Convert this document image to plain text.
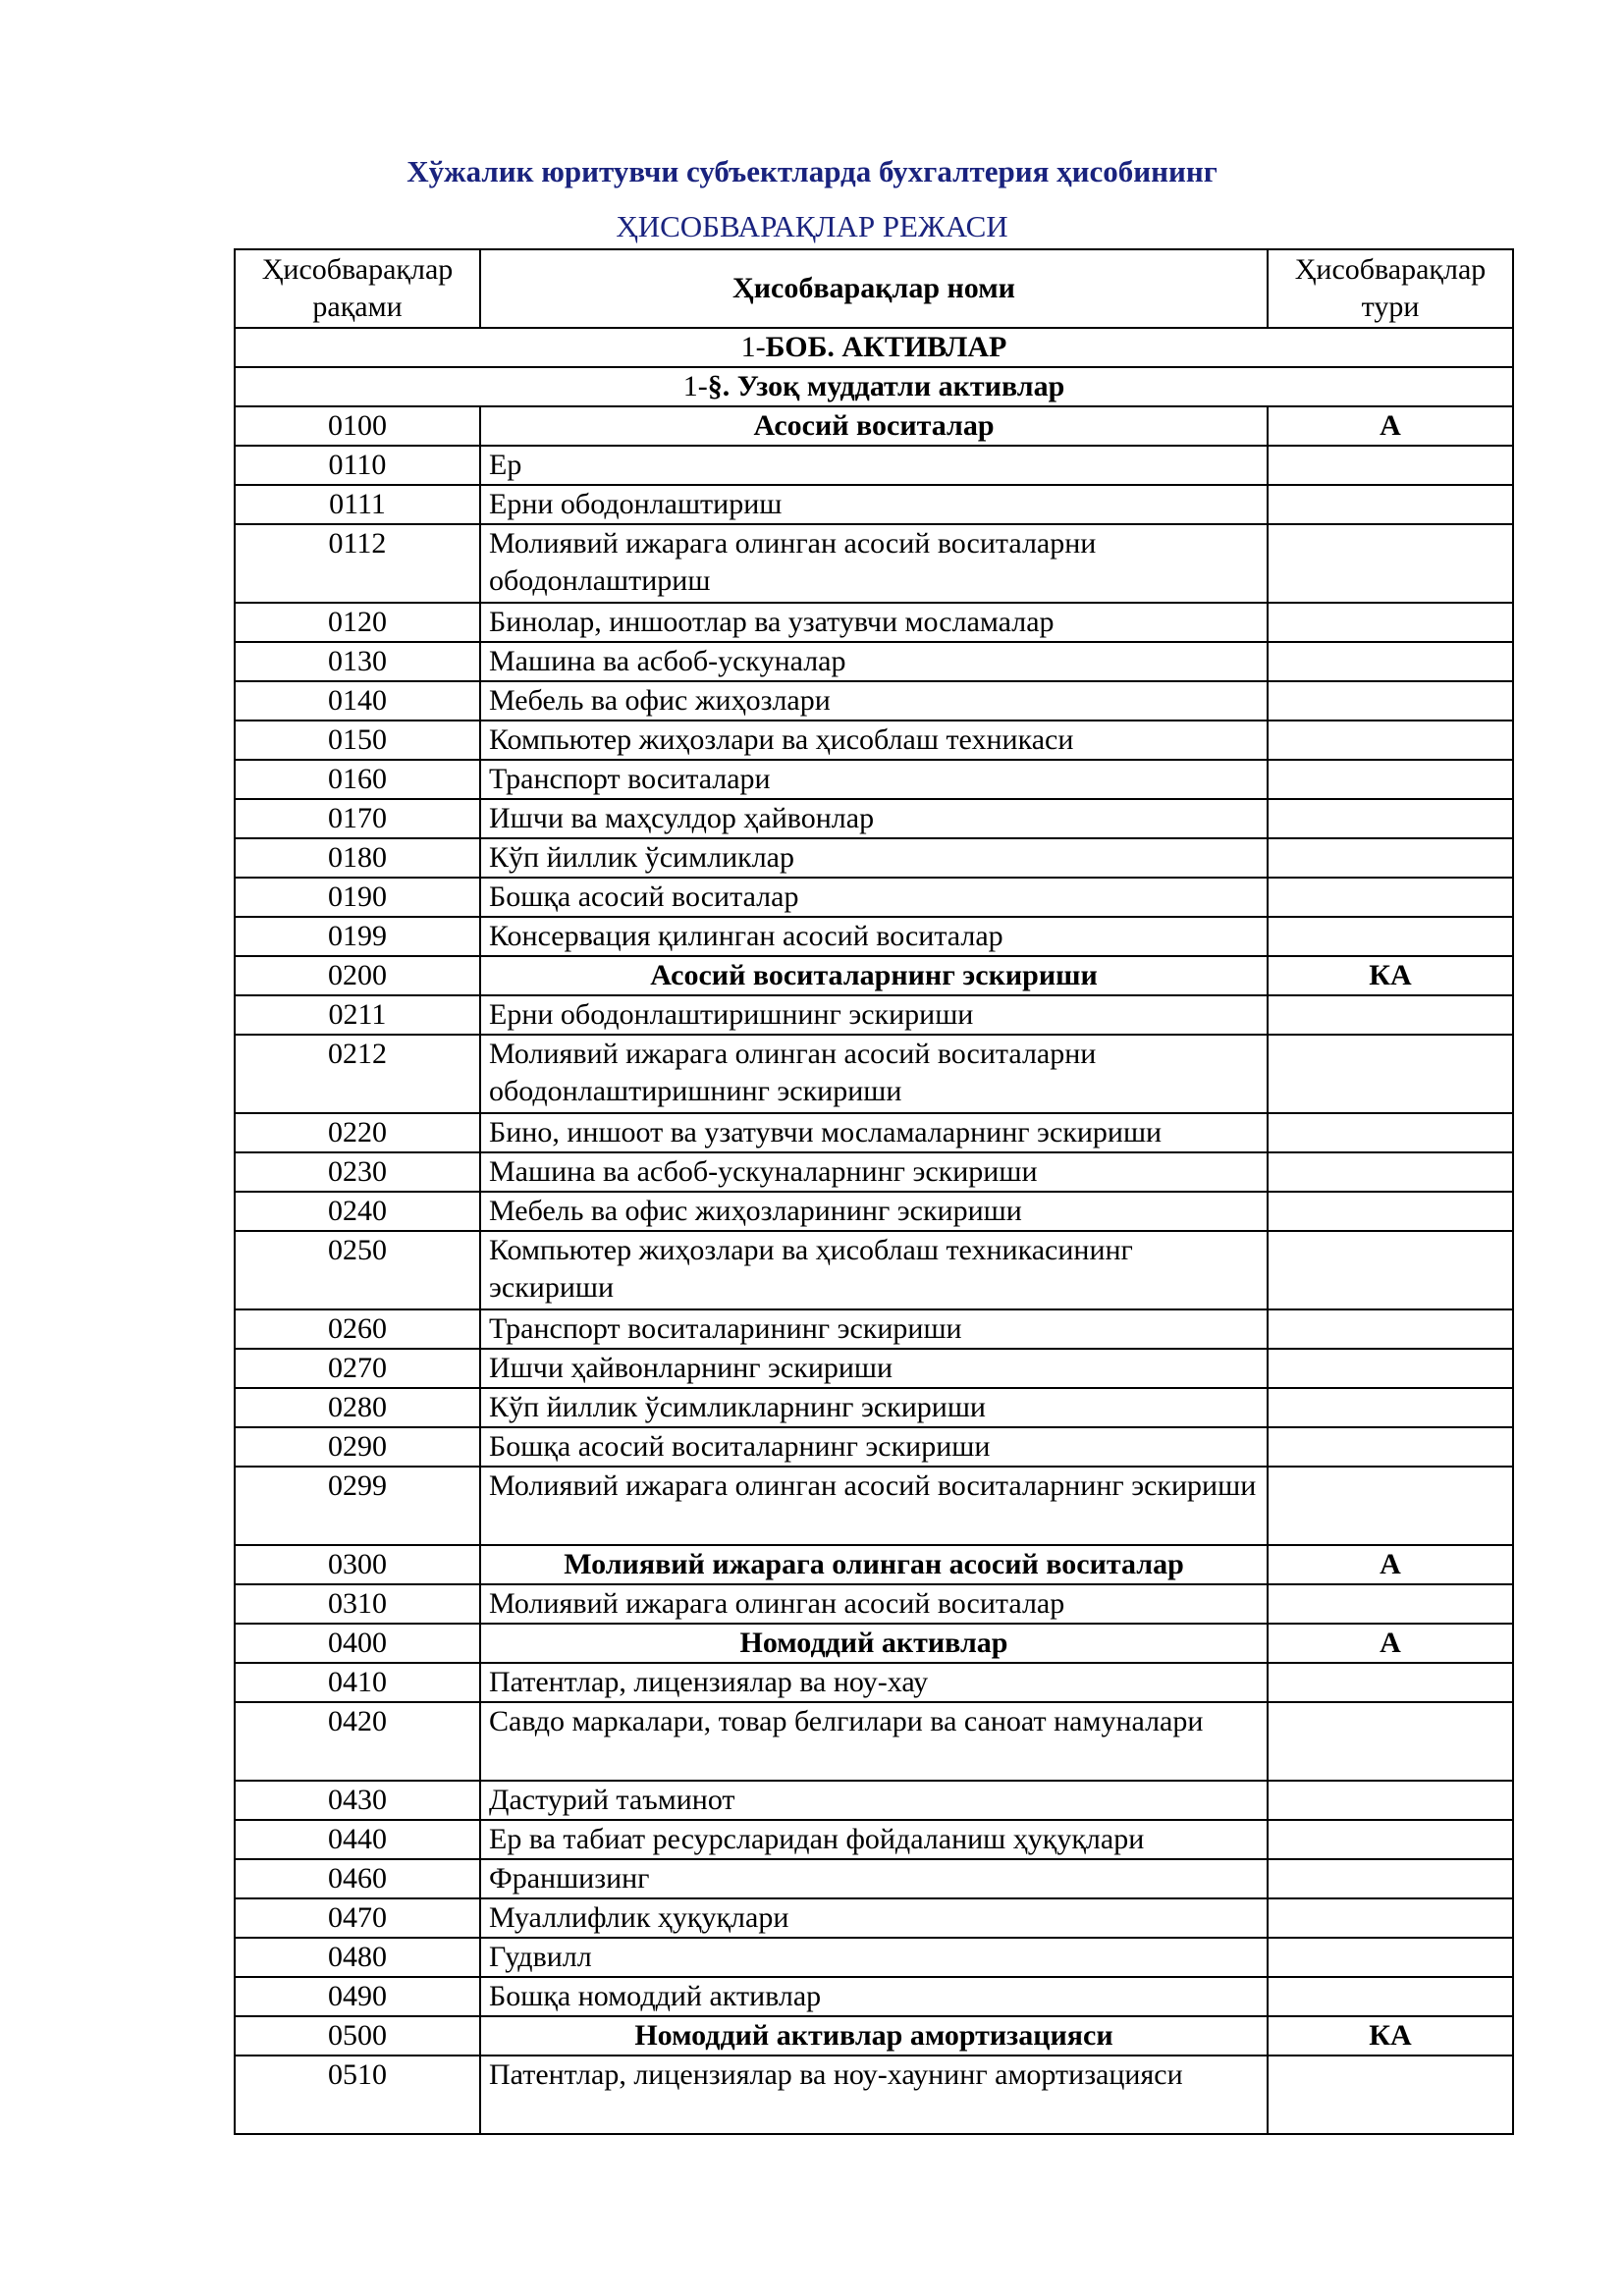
Хўжалик юритувчи субъектларда бухгалтерия ҳисобининг
ҲИСОБВАРАҚЛАР РЕЖАСИ
Ҳисобварақлар рақами	Ҳисобварақлар номи	Ҳисобварақлар тури
1-БОБ. АКТИВЛАР		
1-§. Узоқ муддатли активлар		
0100	Асосий воситалар	А
0110	Ер	
0111	Ерни ободонлаштириш	
0112	Молиявий ижарага олинган асосий воситаларни ободонлаштириш	
0120	Бинолар, иншоотлар ва узатувчи мосламалар	
0130	Машина ва асбоб-ускуналар	
0140	Мебель ва офис жиҳозлари	
0150	Компьютер жиҳозлари ва ҳисоблаш техникаси	
0160	Транспорт воситалари	
0170	Ишчи ва маҳсулдор ҳайвонлар	
0180	Кўп йиллик ўсимликлар	
0190	Бошқа асосий воситалар	
0199	Консервация қилинган асосий воситалар	
0200	Асосий воситаларнинг эскириши	КА
0211	Ерни ободонлаштиришнинг эскириши	
0212	Молиявий ижарага олинган асосий воситаларни ободонлаштиришнинг эскириши	
0220	Бино, иншоот ва узатувчи мосламаларнинг эскириши	
0230	Машина ва асбоб-ускуналарнинг эскириши	
0240	Мебель ва офис жиҳозларининг эскириши	
0250	Компьютер жиҳозлари ва ҳисоблаш техникасининг эскириши	
0260	Транспорт воситаларининг эскириши	
0270	Ишчи ҳайвонларнинг эскириши	
0280	Кўп йиллик ўсимликларнинг эскириши	
0290	Бошқа асосий воситаларнинг эскириши	
0299	Молиявий ижарага олинган асосий воситаларнинг эскириши	
0300	Молиявий ижарага олинган асосий воситалар	А
0310	Молиявий ижарага олинган асосий воситалар	
0400	Номоддий активлар	А
0410	Патентлар, лицензиялар ва ноу-хау	
0420	Савдо маркалари, товар белгилари ва саноат намуналари	
0430	Дастурий таъминот	
0440	Ер ва табиат ресурсларидан фойдаланиш ҳуқуқлари	
0460	Франшизинг	
0470	Муаллифлик ҳуқуқлари	
0480	Гудвилл	
0490	Бошқа номоддий активлар	
0500	Номоддий активлар амортизацияси	КА
0510	Патентлар, лицензиялар ва ноу-хаунинг амортизацияси	
